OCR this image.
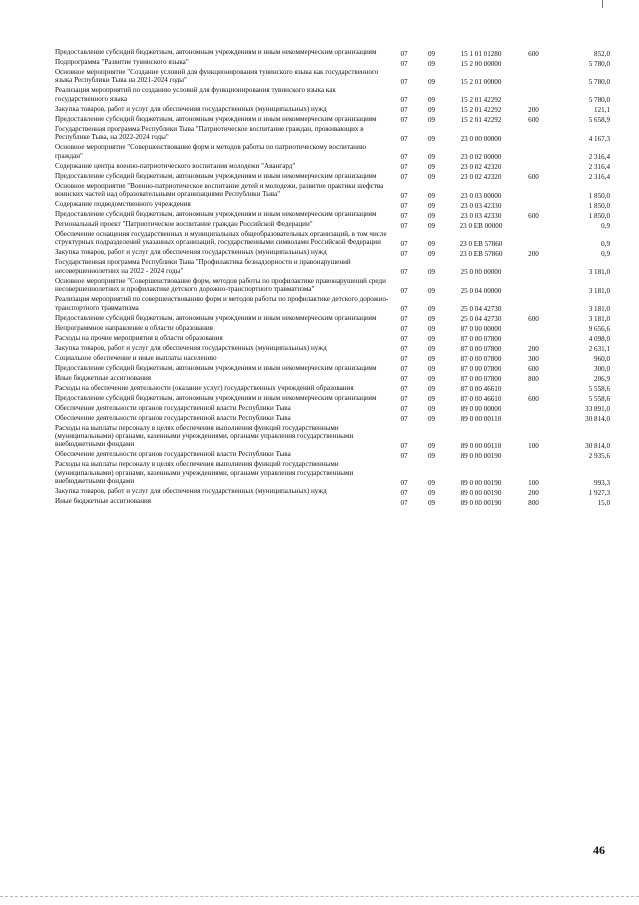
Предоставление субсидий бюджетным, автономным учреждениям и иным некоммерческим организациям	07	09	15 1 01 01280	600	852,0
Подпрограмма "Развитие тувинского языка"	07	09	15 2 00 00000		5 780,0
Основное мероприятие "Создание условий для функционирования тувинского языка как государственного языка Республики Тыва на 2021-2024 годы"	07	09	15 2 01 00000		5 780,0
Реализация мероприятий по созданию условий для функционирования тувинского языка как государственного языка	07	09	15 2 01 42292		5 780,0
Закупка товаров, работ и услуг для обеспечения государственных (муниципальных) нужд	07	09	15 2 01 42292	200	121,1
Предоставление субсидий бюджетным, автономным учреждениям и иным некоммерческим организациям	07	09	15 2 01 42292	600	5 658,9
Государственная программа Республики Тыва "Патриотическое воспитание граждан, проживающих в Республике Тыва, на 2022-2024 годы"	07	09	23 0 00 00000		4 167,3
Основное мероприятие "Совершенствование форм и методов работы по патриотическому воспитанию граждан"	07	09	23 0 02 00000		2 316,4
Содержание центра военно-патриотического воспитания молодежи "Авангард"	07	09	23 0 02 42320		2 316,4
Предоставление субсидий бюджетным, автономным учреждениям и иным некоммерческим организациям	07	09	23 0 02 42320	600	2 316,4
Основное мероприятие "Военно-патриотическое воспитание детей и молодежи, развитие практики шефства воинских частей над образовательными организациями Республики Тыва"	07	09	23 0 03 00000		1 850,0
Содержание подведомственного учреждения	07	09	23 0 03 42330		1 850,0
Предоставление субсидий бюджетным, автономным учреждениям и иным некоммерческим организациям	07	09	23 0 03 42330	600	1 850,0
Региональный проект "Патриотическое воспитание граждан Российской Федерации"	07	09	23 0 EB 00000		0,9
Обеспечение оснащения государственных и муниципальных общеобразовательных организаций, в том числе структурных подразделений указанных организаций, государственными символами Российской Федерации	07	09	23 0 EB 57860		0,9
Закупка товаров, работ и услуг для обеспечения государственных (муниципальных) нужд	07	09	23 0 EB 57860	200	0,9
Государственная программа Республики Тыва "Профилактика безнадзорности и правонарушений несовершеннолетних на 2022 - 2024 годы"	07	09	25 0 00 00000		3 181,0
Основное мероприятие "Совершенствование форм, методов работы по профилактике правонарушений среди несовершеннолетних и профилактике детского дорожно-транспортного травматизма"	07	09	25 0 04 00000		3 181,0
Реализация мероприятий по совершенствованию форм и методов работы по профилактике детского дорожно-транспортного травматизма	07	09	25 0 04 42730		3 181,0
Предоставление субсидий бюджетным, автономным учреждениям и иным некоммерческим организациям	07	09	25 0 04 42730	600	3 181,0
Непрограммное направление в области образования	07	09	87 0 00 00000		9 656,6
Расходы на прочие мероприятия в области образования	07	09	87 0 00 07800		4 098,0
Закупка товаров, работ и услуг для обеспечения государственных (муниципальных) нужд	07	09	87 0 00 07800	200	2 631,1
Социальное обеспечение и иные выплаты населению	07	09	87 0 00 07800	300	960,0
Предоставление субсидий бюджетным, автономным учреждениям и иным некоммерческим организациям	07	09	87 0 00 07800	600	300,0
Иные бюджетные ассигнования	07	09	87 0 00 07800	800	206,9
Расходы на обеспечение деятельности (оказание услуг) государственных учреждений образования	07	09	87 0 00 46610		5 558,6
Предоставление субсидий бюджетным, автономным учреждениям и иным некоммерческим организациям	07	09	87 0 00 46610	600	5 558,6
Обеспечение деятельности органов государственной власти Республики Тыва	07	09	89 0 00 00000		33 891,0
Обеспечение деятельности органов государственной власти Республики Тыва	07	09	89 0 00 00110		30 814,0
Расходы на выплаты персоналу в целях обеспечения выполнения функций государственными (муниципальными) органами, казенными учреждениями, органами управления государственными внебюджетными фондами	07	09	89 0 00 00110	100	30 814,0
Обеспечение деятельности органов государственной власти Республики Тыва	07	09	89 0 00 00190		2 935,6
Расходы на выплаты персоналу в целях обеспечения выполнения функций государственными (муниципальными) органами, казенными учреждениями, органами управления государственными внебюджетными фондами	07	09	89 0 00 00190	100	993,3
Закупка товаров, работ и услуг для обеспечения государственных (муниципальных) нужд	07	09	89 0 00 00190	200	1 927,3
Иные бюджетные ассигнования	07	09	89 0 00 00190	800	15,0
46
